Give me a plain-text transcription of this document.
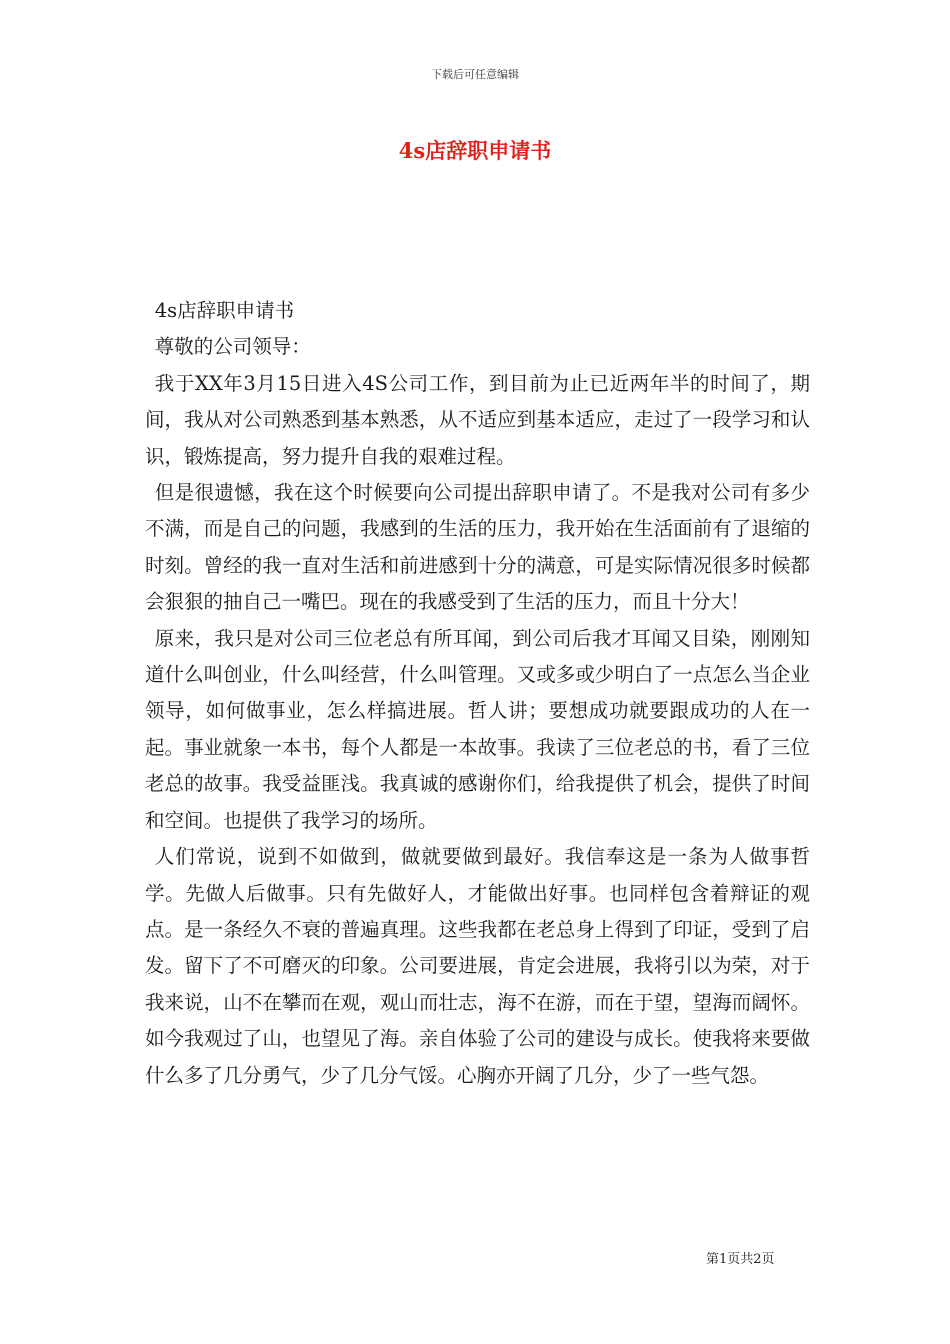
下载后可任意编辑
4s店辞职申请书

4s店辞职申请书

尊敬的公司领导：

我于XX年3月15日进入4S公司工作，到目前为止已近两年半的时间了，期间，我从对公司熟悉到基本熟悉，从不适应到基本适应，走过了一段学习和认识，锻炼提高，努力提升自我的艰难过程。

但是很遗憾，我在这个时候要向公司提出辞职申请了。不是我对公司有多少不满，而是自己的问题，我感到的生活的压力，我开始在生活面前有了退缩的时刻。曾经的我一直对生活和前进感到十分的满意，可是实际情况很多时候都会狠狠的抽自己一嘴巴。现在的我感受到了生活的压力，而且十分大！

原来，我只是对公司三位老总有所耳闻，到公司后我才耳闻又目染，刚刚知道什么叫创业，什么叫经营，什么叫管理。又或多或少明白了一点怎么当企业领导，如何做事业，怎么样搞进展。哲人讲；要想成功就要跟成功的人在一起。事业就象一本书，每个人都是一本故事。我读了三位老总的书，看了三位老总的故事。我受益匪浅。我真诚的感谢你们，给我提供了机会，提供了时间和空间。也提供了我学习的场所。

人们常说，说到不如做到，做就要做到最好。我信奉这是一条为人做事哲学。先做人后做事。只有先做好人，才能做出好事。也同样包含着辩证的观点。是一条经久不衰的普遍真理。这些我都在老总身上得到了印证，受到了启发。留下了不可磨灭的印象。公司要进展，肯定会进展，我将引以为荣，对于我来说，山不在攀而在观，观山而壮志，海不在游，而在于望，望海而阔怀。如今我观过了山，也望见了海。亲自体验了公司的建设与成长。使我将来要做什么多了几分勇气，少了几分气馁。心胸亦开阔了几分，少了一些气怨。

第1页共2页
